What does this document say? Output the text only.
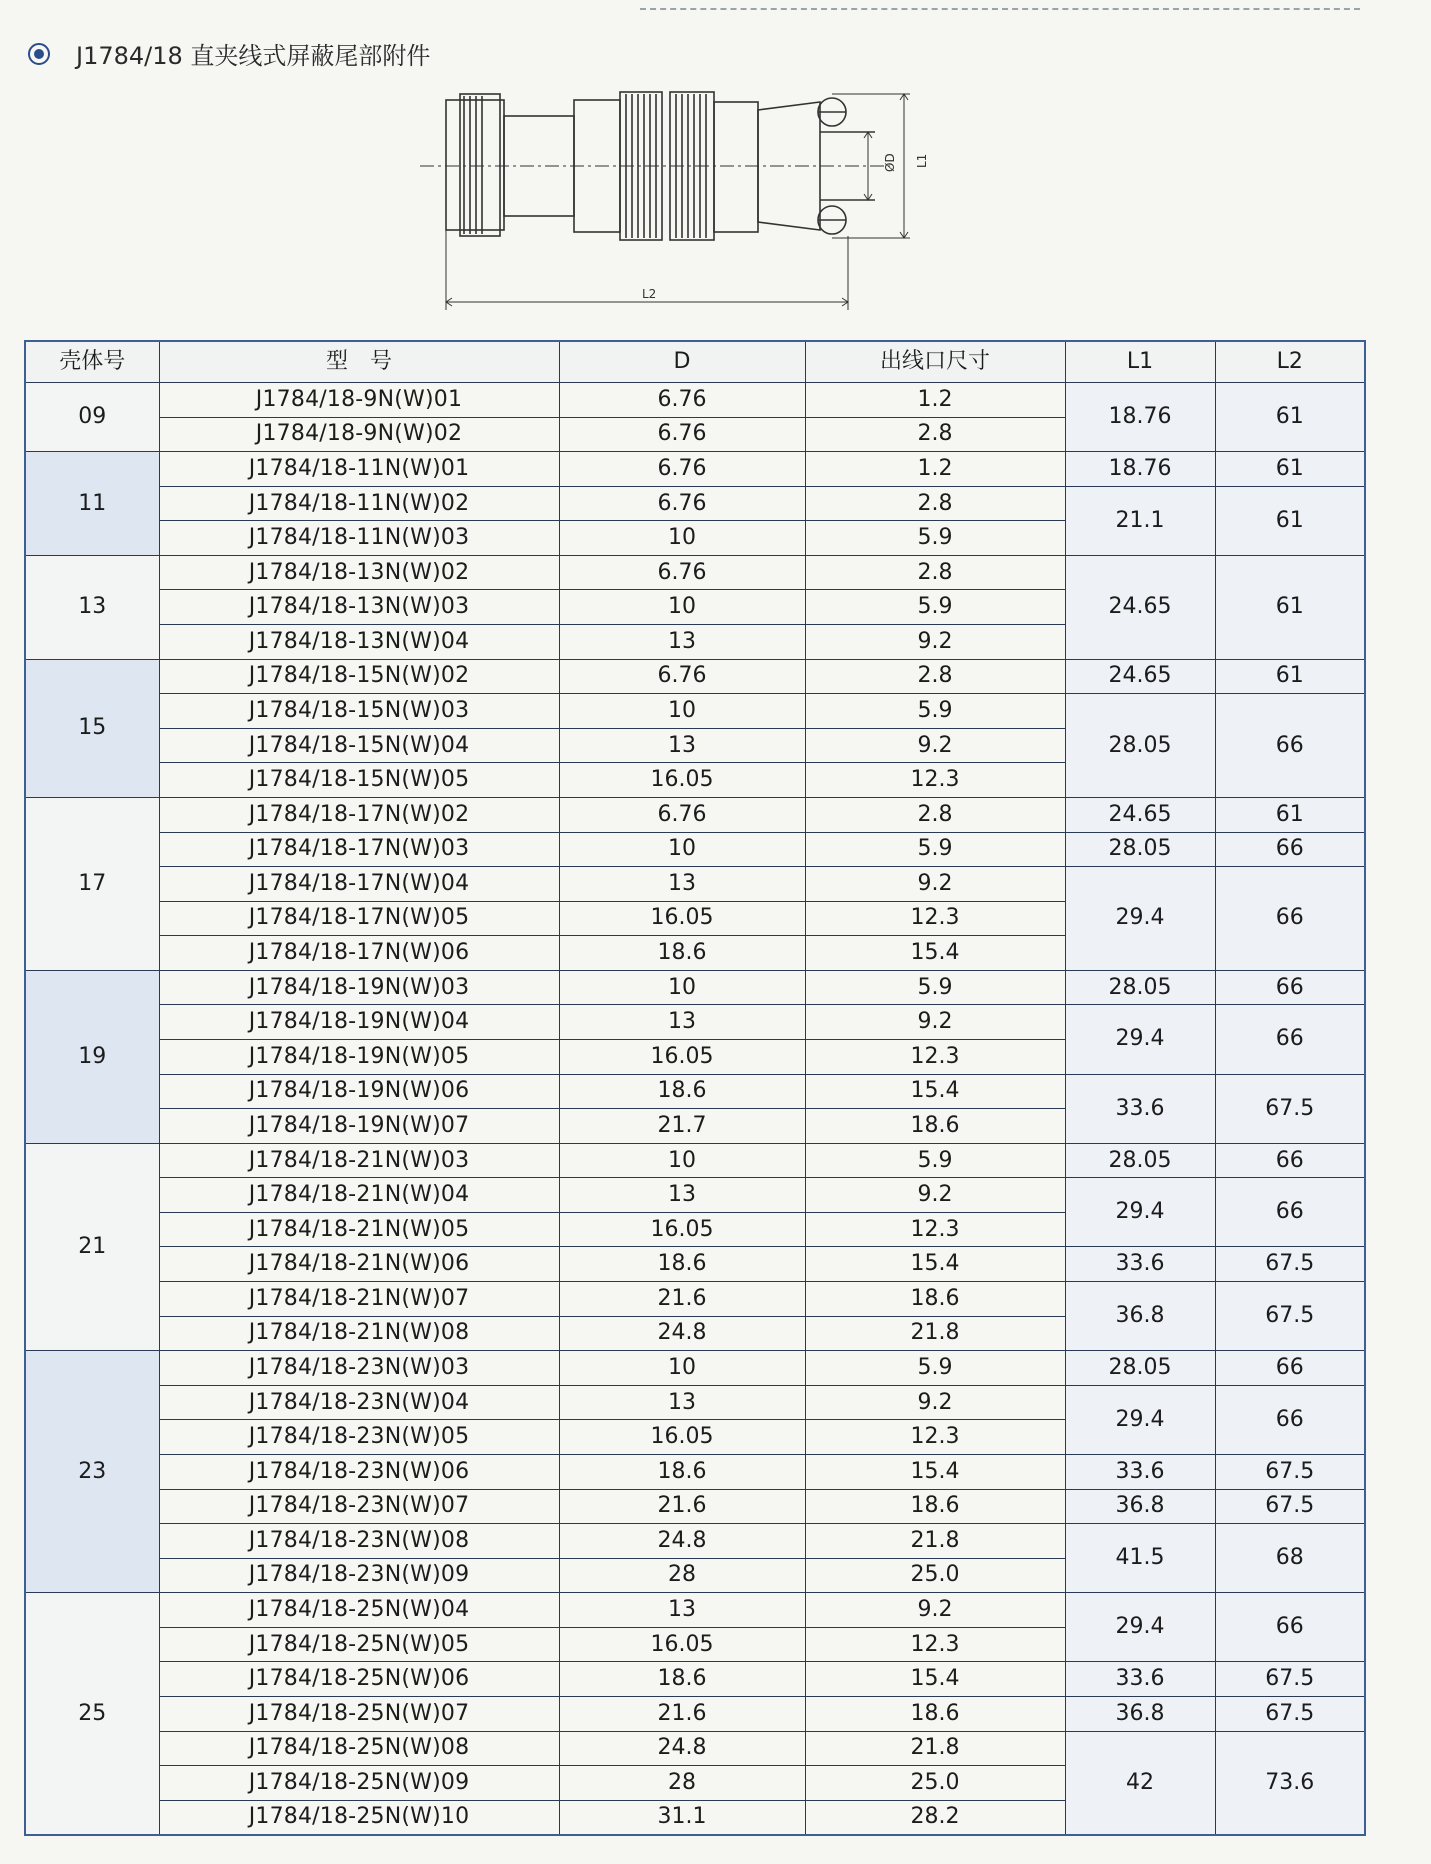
J1784/18 直夹线式屏蔽尾部附件
ØD L1
L2
壳体号	型　号	D	出线口尺寸	L1	L2
09	J1784/18-9N(W)01	6.76	1.2	18.76	61
	J1784/18-9N(W)02	6.76	2.8		
11	J1784/18-11N(W)01	6.76	1.2	18.76	61
	J1784/18-11N(W)02	6.76	2.8	21.1	61
	J1784/18-11N(W)03	10	5.9		
13	J1784/18-13N(W)02	6.76	2.8	24.65	61
	J1784/18-13N(W)03	10	5.9		
	J1784/18-13N(W)04	13	9.2		
15	J1784/18-15N(W)02	6.76	2.8	24.65	61
	J1784/18-15N(W)03	10	5.9	28.05	66
	J1784/18-15N(W)04	13	9.2		
	J1784/18-15N(W)05	16.05	12.3		
17	J1784/18-17N(W)02	6.76	2.8	24.65	61
	J1784/18-17N(W)03	10	5.9	28.05	66
	J1784/18-17N(W)04	13	9.2	29.4	66
	J1784/18-17N(W)05	16.05	12.3		
	J1784/18-17N(W)06	18.6	15.4		
19	J1784/18-19N(W)03	10	5.9	28.05	66
	J1784/18-19N(W)04	13	9.2	29.4	66
	J1784/18-19N(W)05	16.05	12.3		
	J1784/18-19N(W)06	18.6	15.4	33.6	67.5
	J1784/18-19N(W)07	21.7	18.6		
21	J1784/18-21N(W)03	10	5.9	28.05	66
	J1784/18-21N(W)04	13	9.2	29.4	66
	J1784/18-21N(W)05	16.05	12.3		
	J1784/18-21N(W)06	18.6	15.4	33.6	67.5
	J1784/18-21N(W)07	21.6	18.6	36.8	67.5
	J1784/18-21N(W)08	24.8	21.8		
23	J1784/18-23N(W)03	10	5.9	28.05	66
	J1784/18-23N(W)04	13	9.2	29.4	66
	J1784/18-23N(W)05	16.05	12.3		
	J1784/18-23N(W)06	18.6	15.4	33.6	67.5
	J1784/18-23N(W)07	21.6	18.6	36.8	67.5
	J1784/18-23N(W)08	24.8	21.8	41.5	68
	J1784/18-23N(W)09	28	25.0		
25	J1784/18-25N(W)04	13	9.2	29.4	66
	J1784/18-25N(W)05	16.05	12.3		
	J1784/18-25N(W)06	18.6	15.4	33.6	67.5
	J1784/18-25N(W)07	21.6	18.6	36.8	67.5
	J1784/18-25N(W)08	24.8	21.8	42	73.6
	J1784/18-25N(W)09	28	25.0		
	J1784/18-25N(W)10	31.1	28.2		
